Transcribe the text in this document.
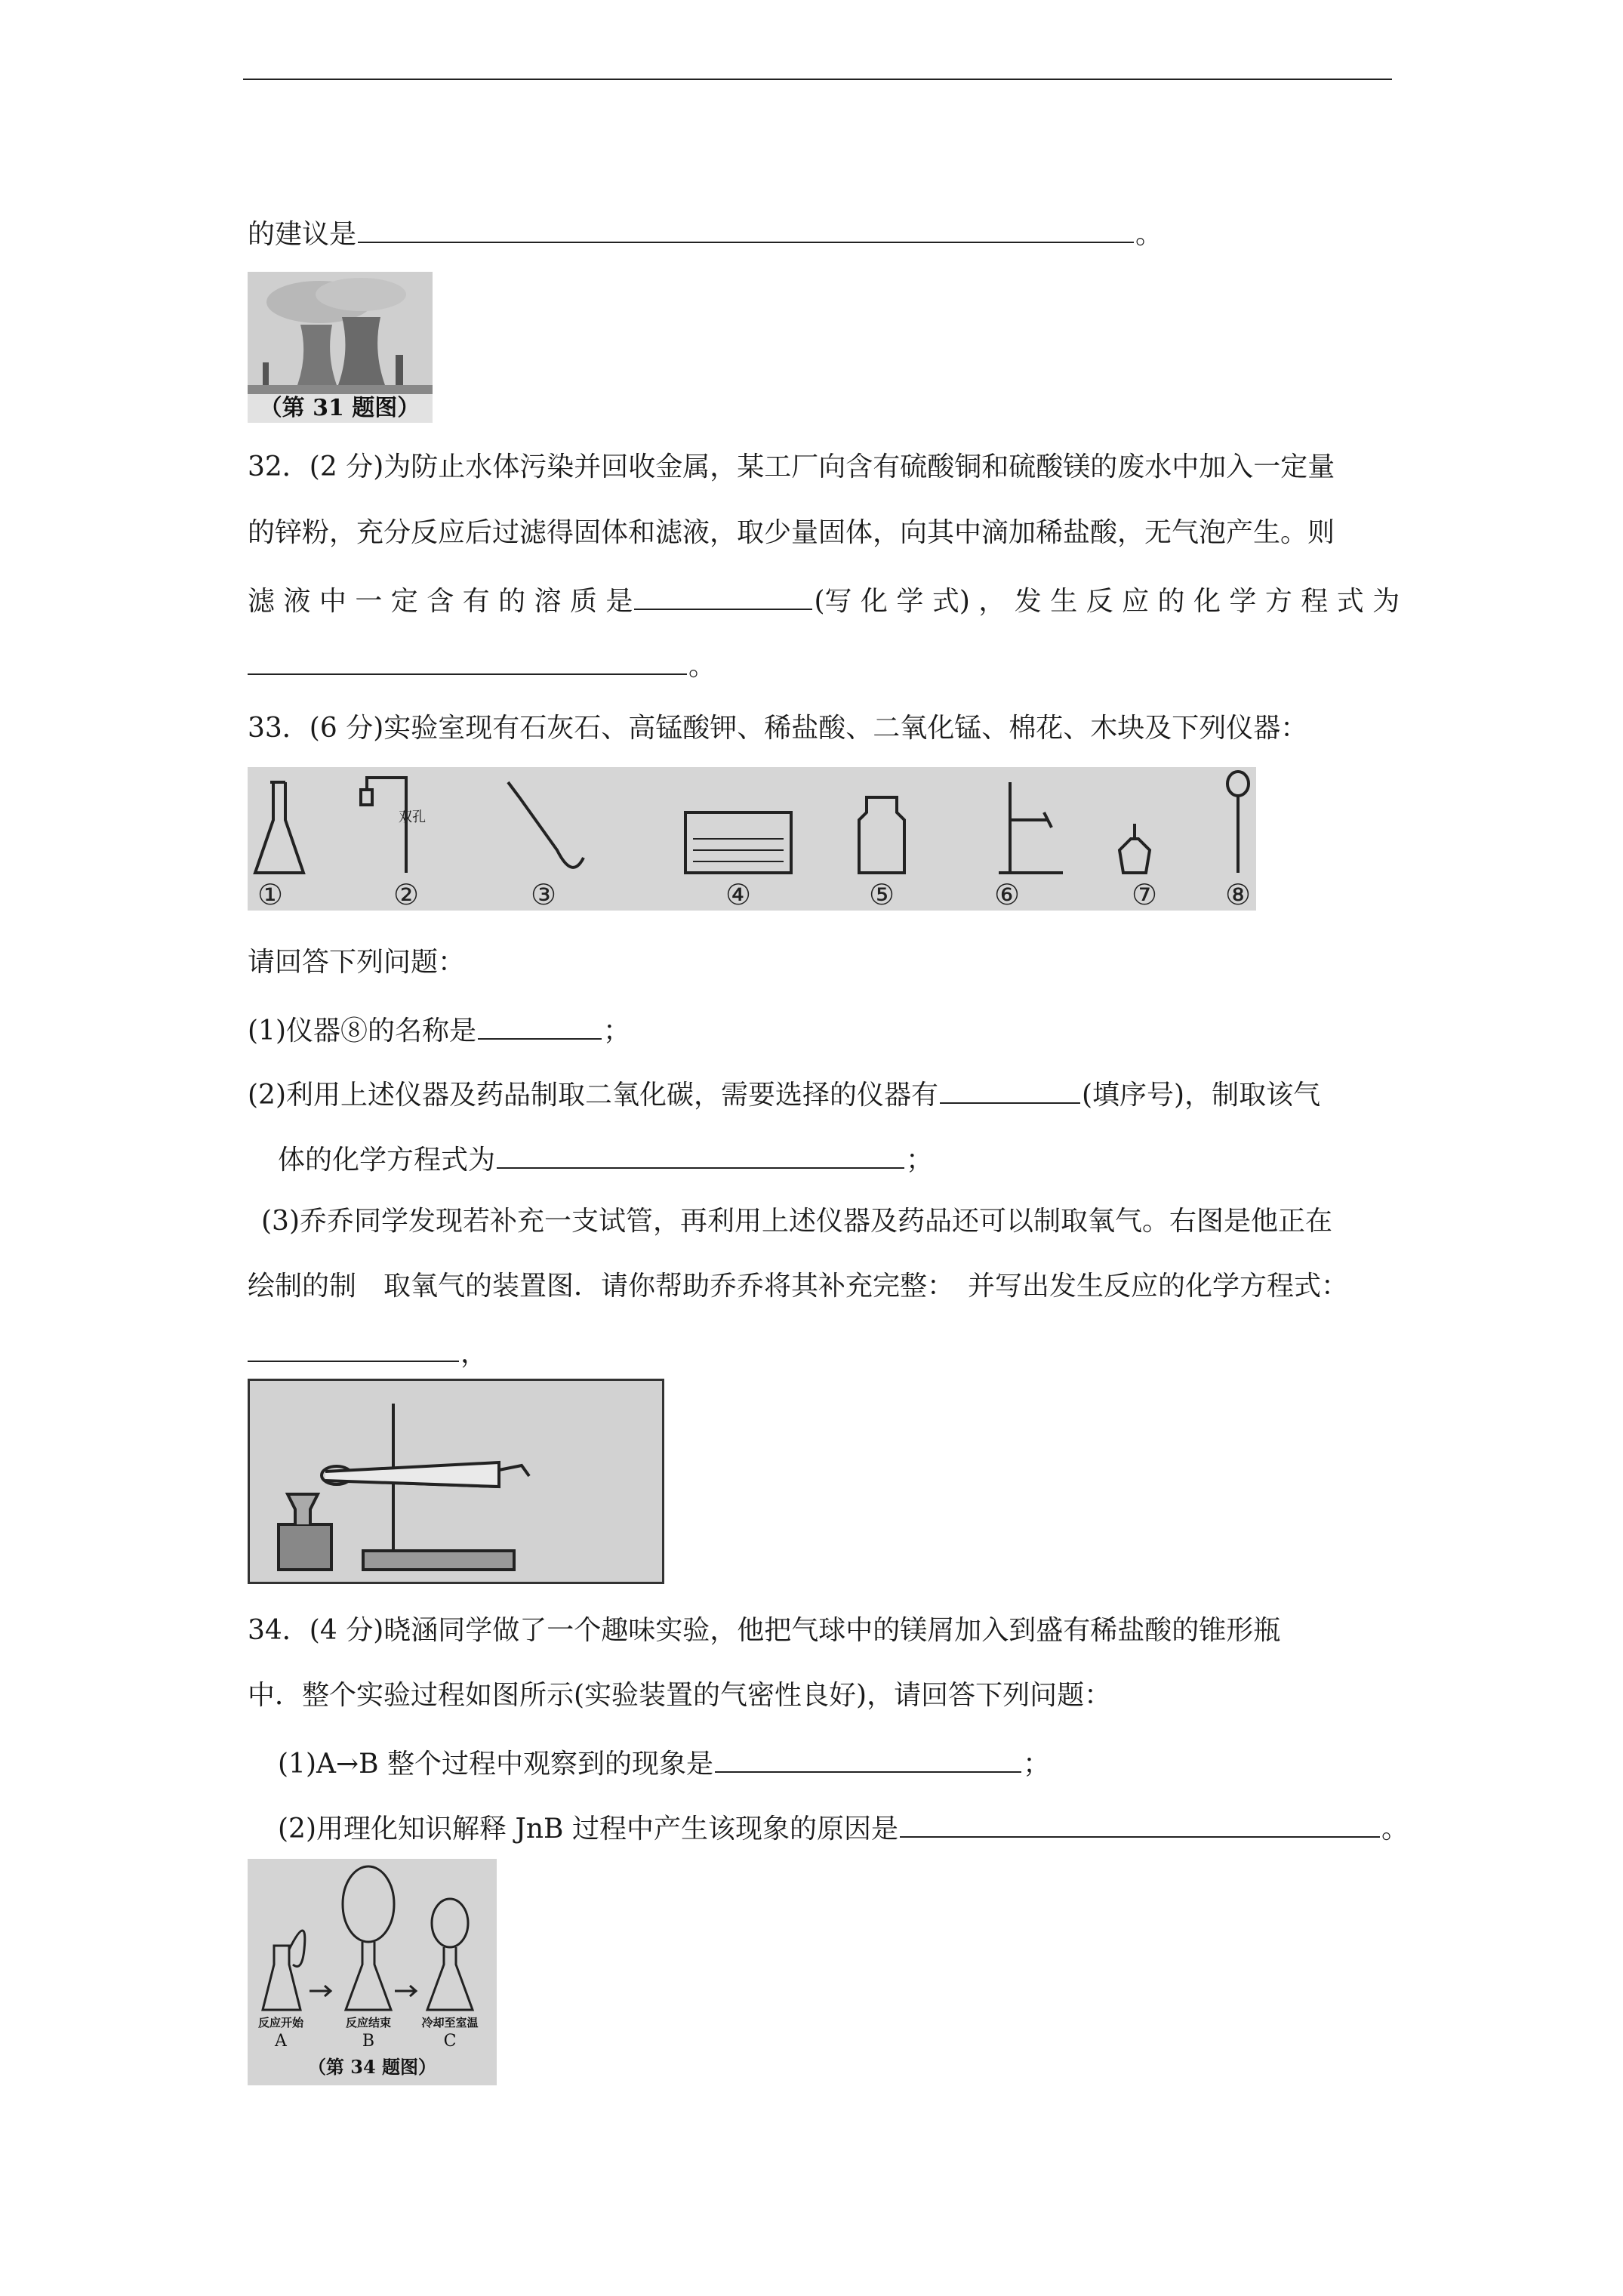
的建议是	。
（第 31 题图）
32．(2 分)为防止水体污染并回收金属，某工厂向含有硫酸铜和硫酸镁的废水中加入一定量
的锌粉，充分反应后过滤得固体和滤液，取少量固体，向其中滴加稀盐酸，无气泡产生。则
滤 液 中 一 定 含 有 的 溶 质 是	(写 化 学 式) ， 发 生 反 应 的 化 学 方 程 式 为
。
33．(6 分)实验室现有石灰石、高锰酸钾、稀盐酸、二氧化锰、棉花、木块及下列仪器：
双孔
①	②	③	④	⑤	⑥	⑦ ⑧
请回答下列问题：
(1)仪器⑧的名称是	；
(2)利用上述仪器及药品制取二氧化碳，需要选择的仪器有	(填序号)，制取该气
体的化学方程式为	；
(3)乔乔同学发现若补充一支试管，再利用上述仪器及药品还可以制取氧气。右图是他正在
绘制的制　取氧气的装置图．请你帮助乔乔将其补充完整：　并写出发生反应的化学方程式：
，
34．(4 分)晓涵同学做了一个趣味实验，他把气球中的镁屑加入到盛有稀盐酸的锥形瓶
中．整个实验过程如图所示(实验装置的气密性良好)，请回答下列问题：
(1)A→B 整个过程中观察到的现象是	；
(2)用理化知识解释 JnB 过程中产生该现象的原因是	。
反应开始	反应结束	冷却至室温
A	B	C
（第 34 题图）
